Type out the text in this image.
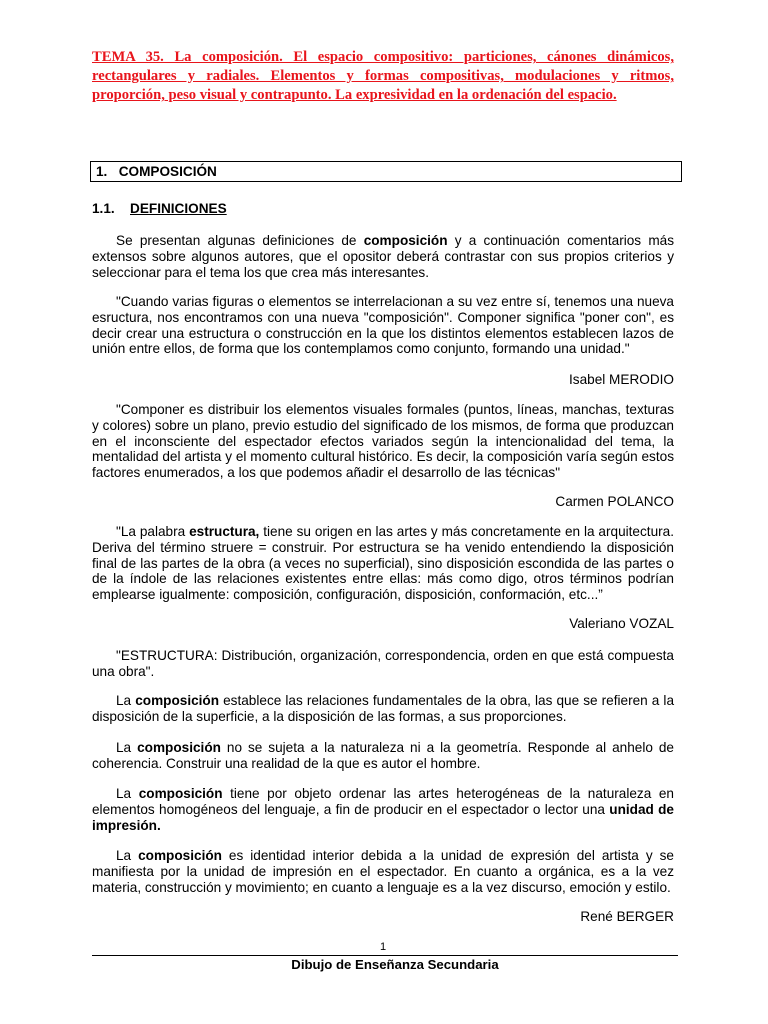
TEMA 35. La composición. El espacio compositivo: particiones, cánones dinámicos, rectangulares y radiales. Elementos y formas compositivas, modulaciones y ritmos, proporción, peso visual y contrapunto. La expresividad en la ordenación del espacio.
1. COMPOSICIÓN
1.1. DEFINICIONES
Se presentan algunas definiciones de composición y a continuación comentarios más extensos sobre algunos autores, que el opositor deberá contrastar con sus propios criterios y seleccionar para el tema los que crea más interesantes.
"Cuando varias figuras o elementos se interrelacionan a su vez entre sí, tenemos una nueva esructura, nos encontramos con una nueva "composición". Componer significa "poner con", es decir crear una estructura o construcción en la que los distintos elementos establecen lazos de unión entre ellos, de forma que los contemplamos como conjunto, formando una unidad."
Isabel MERODIO
"Componer es distribuir los elementos visuales formales (puntos, líneas, manchas, texturas y colores) sobre un plano, previo estudio del significado de los mismos, de forma que produzcan en el inconsciente del espectador efectos variados según la intencionalidad del tema, la mentalidad del artista y el momento cultural histórico. Es decir, la composición varía según estos factores enumerados, a los que podemos añadir el desarrollo de las técnicas"
Carmen POLANCO
"La palabra estructura, tiene su origen en las artes y más concretamente en la arquitectura. Deriva del término struere = construir. Por estructura se ha venido entendiendo la disposición final de las partes de la obra (a veces no superficial), sino disposición escondida de las partes o de la índole de las relaciones existentes entre ellas: más como digo, otros términos podrían emplearse igualmente: composición, configuración, disposición, conformación, etc...”
Valeriano VOZAL
"ESTRUCTURA: Distribución, organización, correspondencia, orden en que está compuesta una obra".
La composición establece las relaciones fundamentales de la obra, las que se refieren a la disposición de la superficie, a la disposición de las formas, a sus proporciones.
La composición no se sujeta a la naturaleza ni a la geometría. Responde al anhelo de coherencia. Construir una realidad de la que es autor el hombre.
La composición tiene por objeto ordenar las artes heterogéneas de la naturaleza en elementos homogéneos del lenguaje, a fin de producir en el espectador o lector una unidad de impresión.
La composición es identidad interior debida a la unidad de expresión del artista y se manifiesta por la unidad de impresión en el espectador. En cuanto a orgánica, es a la vez materia, construcción y movimiento; en cuanto a lenguaje es a la vez discurso, emoción y estilo.
René BERGER
1
Dibujo de Enseñanza Secundaria
